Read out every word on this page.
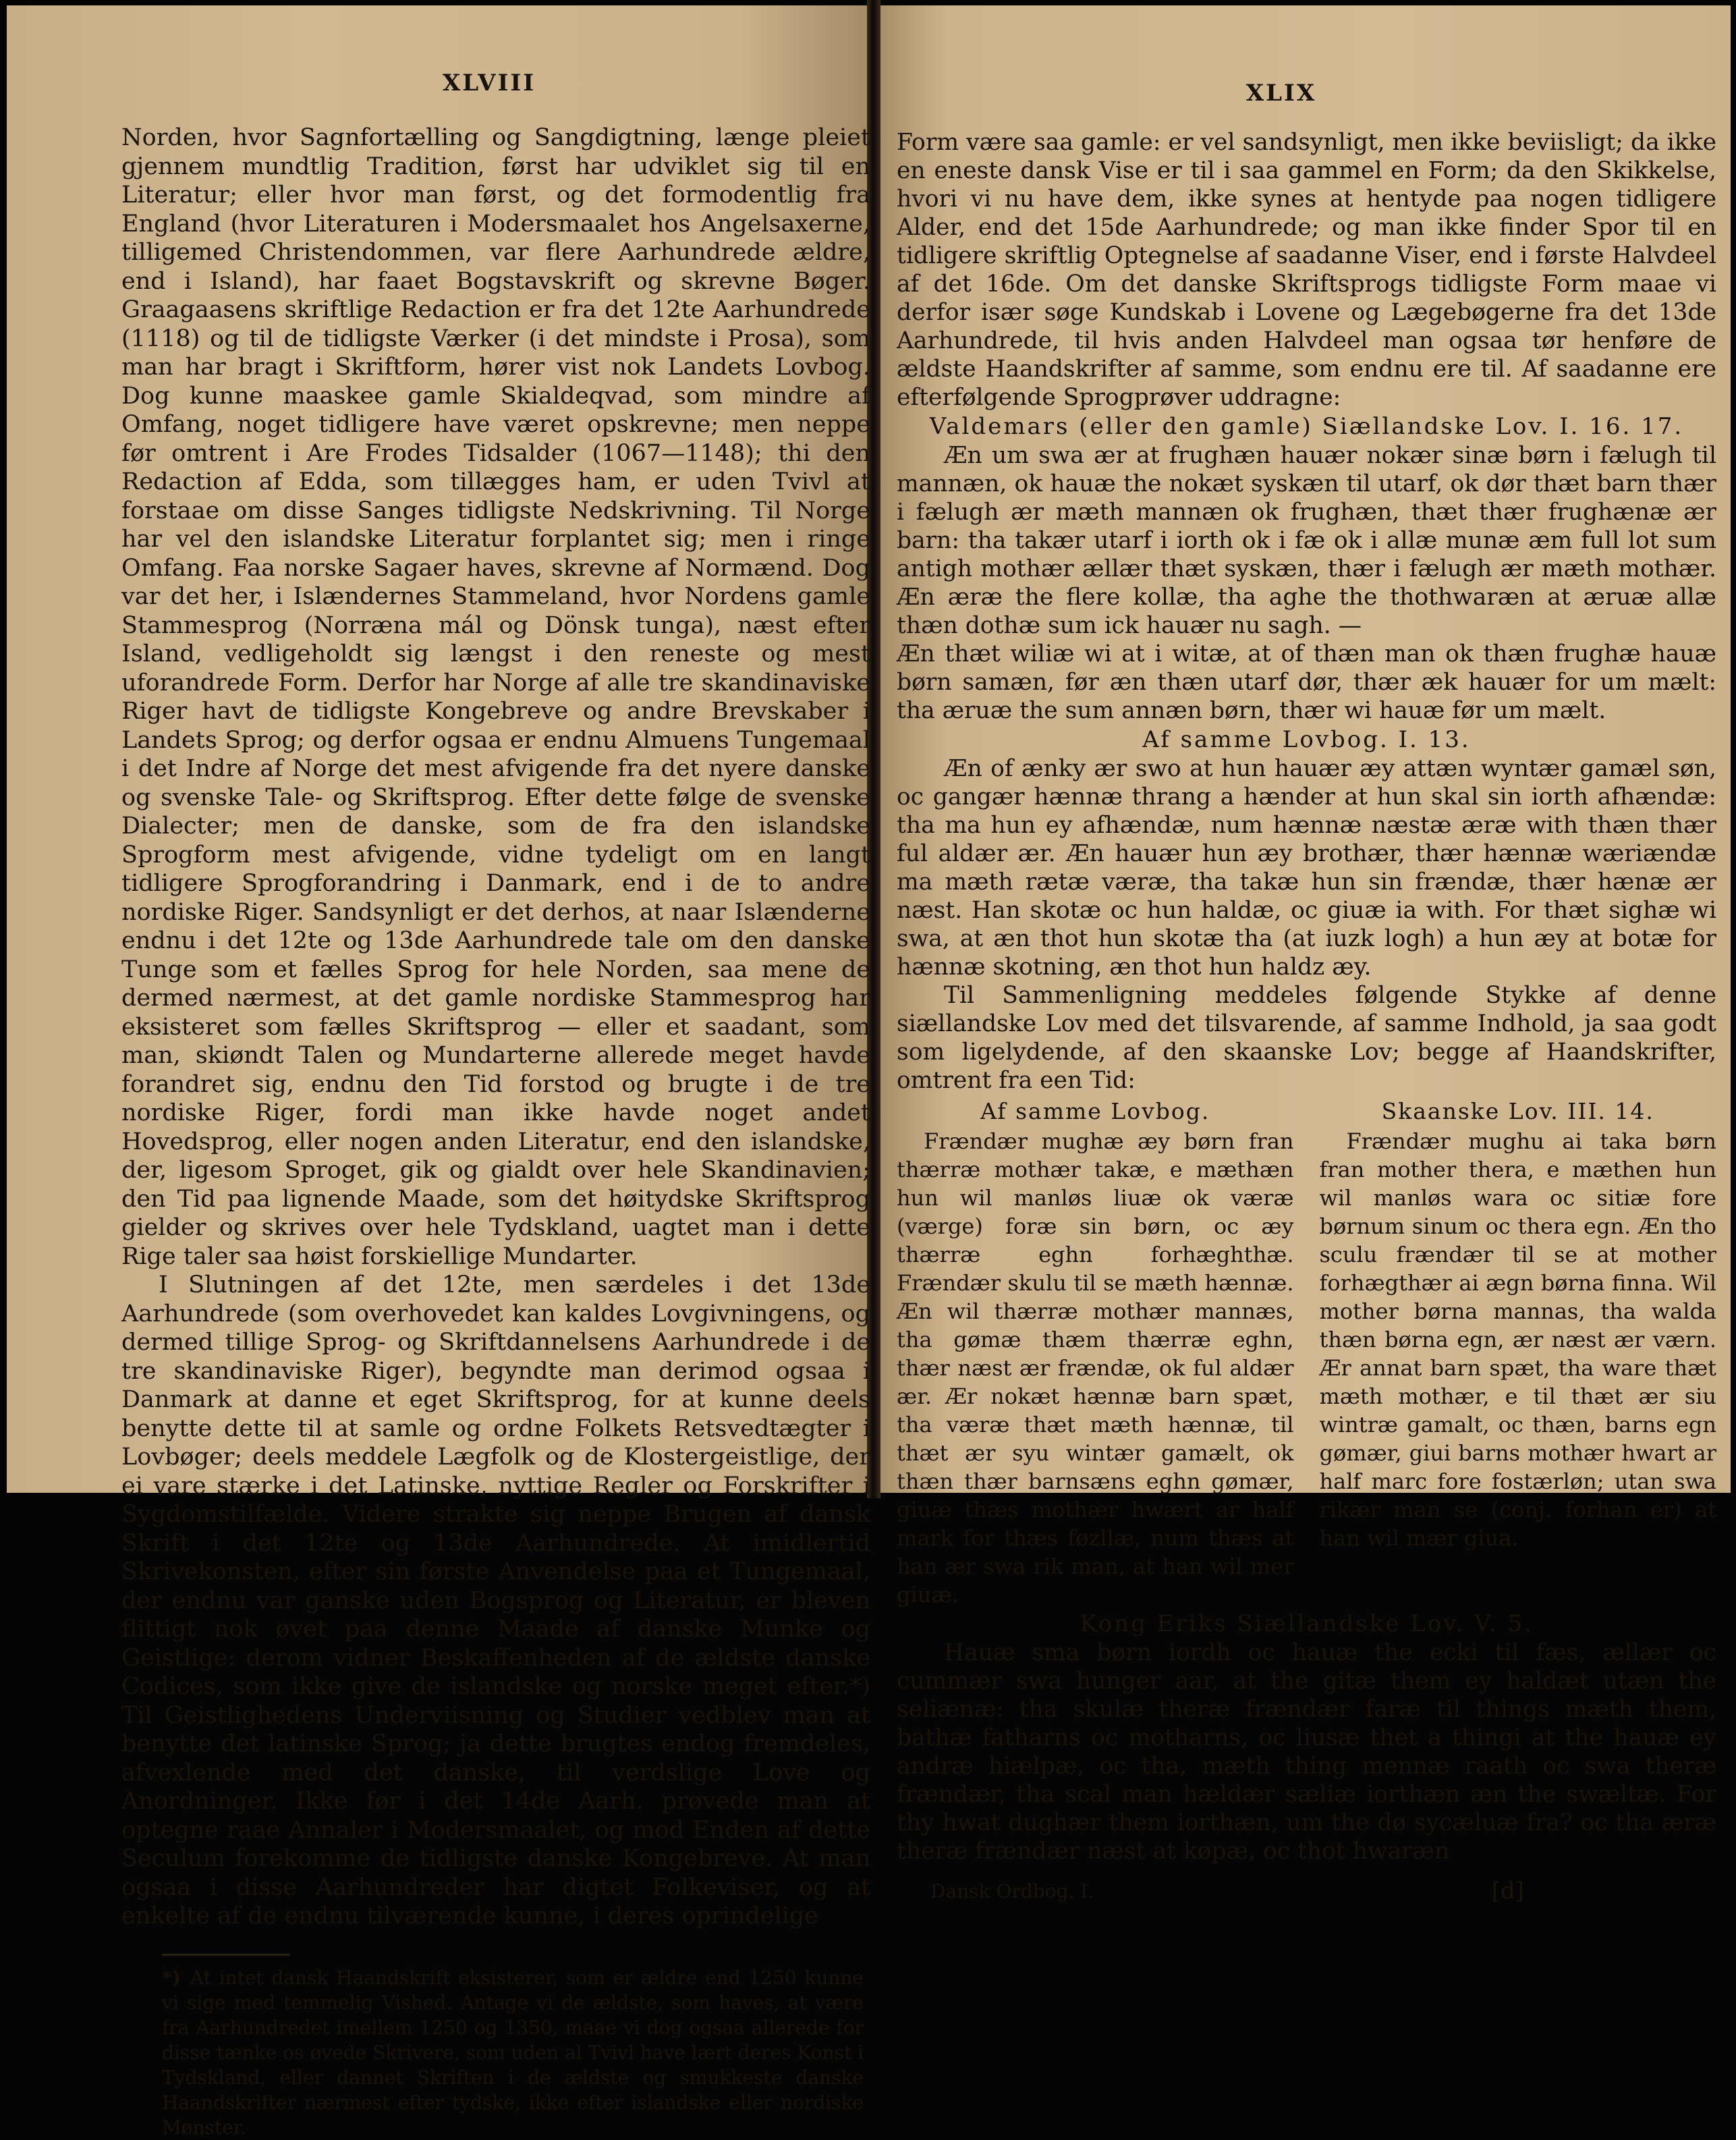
XLVIII

Norden, hvor Sagnfortælling og Sangdigtning, længe pleiet gjennem mundtlig Tradition, først har udviklet sig til en Literatur; eller hvor man først, og det formodentlig fra England (hvor Literaturen i Modersmaalet hos Angelsaxerne, tilligemed Christendommen, var flere Aarhundrede ældre, end i Island), har faaet Bogstavskrift og skrevne Bøger. Graagaasens skriftlige Redaction er fra det 12te Aarhundrede (1118) og til de tidligste Værker (i det mindste i Prosa), som man har bragt i Skriftform, hører vist nok Landets Lovbog. Dog kunne maaskee gamle Skialdeqvad, som mindre af Omfang, noget tidligere have været opskrevne; men neppe før omtrent i Are Frodes Tidsalder (1067—1148); thi den Redaction af Edda, som tillægges ham, er uden Tvivl at forstaae om disse Sanges tidligste Nedskrivning. Til Norge har vel den islandske Literatur forplantet sig; men i ringe Omfang. Faa norske Sagaer haves, skrevne af Normænd. Dog var det her, i Islændernes Stammeland, hvor Nordens gamle Stammesprog (Norræna mál og Dönsk tunga), næst efter Island, vedligeholdt sig længst i den reneste og mest uforandrede Form. Derfor har Norge af alle tre skandinaviske Riger havt de tidligste Kongebreve og andre Brevskaber i Landets Sprog; og derfor ogsaa er endnu Almuens Tungemaal i det Indre af Norge det mest afvigende fra det nyere danske og svenske Tale- og Skriftsprog. Efter dette følge de svenske Dialecter; men de danske, som de fra den islandske Sprogform mest afvigende, vidne tydeligt om en langt tidligere Sprogforandring i Danmark, end i de to andre nordiske Riger. Sandsynligt er det derhos, at naar Islænderne endnu i det 12te og 13de Aarhundrede tale om den danske Tunge som et fælles Sprog for hele Norden, saa mene de dermed nærmest, at det gamle nordiske Stammesprog har eksisteret som fælles Skriftsprog — eller et saadant, som man, skiøndt Talen og Mundarterne allerede meget havde forandret sig, endnu den Tid forstod og brugte i de tre nordiske Riger, fordi man ikke havde noget andet Hovedsprog, eller nogen anden Literatur, end den islandske, der, ligesom Sproget, gik og gialdt over hele Skandinavien; den Tid paa lignende Maade, som det høitydske Skriftsprog gielder og skrives over hele Tydskland, uagtet man i dette Rige taler saa høist forskiellige Mundarter.

I Slutningen af det 12te, men særdeles i det 13de Aarhundrede (som overhovedet kan kaldes Lovgivningens, og dermed tillige Sprog- og Skriftdannelsens Aarhundrede i de tre skandinaviske Riger), begyndte man derimod ogsaa i Danmark at danne et eget Skriftsprog, for at kunne deels benytte dette til at samle og ordne Folkets Retsvedtægter i Lovbøger; deels meddele Lægfolk og de Klostergeistlige, der ei vare stærke i det Latinske, nyttige Regler og Forskrifter i Sygdomstilfælde. Videre strakte sig neppe Brugen af dansk Skrift i det 12te og 13de Aarhundrede. At imidlertid Skrivekonsten, efter sin første Anvendelse paa et Tungemaal, der endnu var ganske uden Bogsprog og Literatur, er bleven flittigt nok øvet paa denne Maade af danske Munke og Geistlige: derom vidner Beskaffenheden af de ældste danske Codices, som ikke give de islandske og norske meget efter.*) Til Geistlighedens Underviisning og Studier vedblev man at benytte det latinske Sprog; ja dette brugtes endog fremdeles, afvexlende med det danske, til verdslige Love og Anordninger. Ikke før i det 14de Aarh. prøvede man at optegne raae Annaler i Modersmaalet, og mod Enden af dette Seculum forekomme de tidligste danske Kongebreve. At man ogsaa i disse Aarhundreder har digtet Folkeviser, og at enkelte af de endnu tilværende kunne, i deres oprindelige

*) At intet dansk Haandskrift eksisterer, som er ældre end 1250 kunne vi sige med temmelig Vished. Antage vi de ældste, som haves, at være fra Aarhundredet imellem 1250 og 1350, maae vi dog ogsaa allerede for disse tænke os øvede Skrivere, som uden al Tvivl have lært deres Konst i Tydskland, eller dannet Skriften i de ældste og smukkeste danske Haandskrifter nærmest efter tydske, ikke efter islandske eller nordiske Mønster.
XLIX

Form være saa gamle: er vel sandsynligt, men ikke beviisligt; da ikke en eneste dansk Vise er til i saa gammel en Form; da den Skikkelse, hvori vi nu have dem, ikke synes at hentyde paa nogen tidligere Alder, end det 15de Aarhundrede; og man ikke finder Spor til en tidligere skriftlig Optegnelse af saadanne Viser, end i første Halvdeel af det 16de. Om det danske Skriftsprogs tidligste Form maae vi derfor især søge Kundskab i Lovene og Lægebøgerne fra det 13de Aarhundrede, til hvis anden Halvdeel man ogsaa tør henføre de ældste Haandskrifter af samme, som endnu ere til. Af saadanne ere efterfølgende Sprogprøver uddragne:

Valdemars (eller den gamle) Siællandske Lov. I. 16. 17.

Æn um swa ær at frughæn hauær nokær sinæ børn i fælugh til mannæn, ok hauæ the nokæt syskæn til utarf, ok dør thæt barn thær i fælugh ær mæth mannæn ok frughæn, thæt thær frughænæ ær barn: tha takær utarf i iorth ok i fæ ok i allæ munæ æm full lot sum antigh mothær ællær thæt syskæn, thær i fælugh ær mæth mothær. Æn æræ the flere kollæ, tha aghe the thothwaræn at æruæ allæ thæn dothæ sum ick hauær nu sagh. —

Æn thæt wiliæ wi at i witæ, at of thæn man ok thæn frughæ hauæ børn samæn, før æn thæn utarf dør, thær æk hauær for um mælt: tha æruæ the sum annæn børn, thær wi hauæ før um mælt.

Af samme Lovbog. I. 13.

Æn of ænky ær swo at hun hauær æy attæn wyntær gamæl søn, oc gangær hænnæ thrang a hænder at hun skal sin iorth afhændæ: tha ma hun ey afhændæ, num hænnæ næstæ æræ with thæn thær ful aldær ær. Æn hauær hun æy brothær, thær hænnæ wæriændæ ma mæth rætæ væræ, tha takæ hun sin frændæ, thær hænæ ær næst. Han skotæ oc hun haldæ, oc giuæ ia with. For thæt sighæ wi swa, at æn thot hun skotæ tha (at iuzk logh) a hun æy at botæ for hænnæ skotning, æn thot hun haldz æy.

Til Sammenligning meddeles følgende Stykke af denne siællandske Lov med det tilsvarende, af samme Indhold, ja saa godt som ligelydende, af den skaanske Lov; begge af Haandskrifter, omtrent fra een Tid:

Af samme Lovbog.

Frændær mughæ æy børn fran thærræ mothær takæ, e mæthæn hun wil manløs liuæ ok væræ (værge) foræ sin børn, oc æy thærræ eghn forhæghthæ. Frændær skulu til se mæth hænnæ. Æn wil thærræ mothær mannæs, tha gømæ thæm thærræ eghn, thær næst ær frændæ, ok ful aldær ær. Ær nokæt hænnæ barn spæt, tha væræ thæt mæth hænnæ, til thæt ær syu wintær gamælt, ok thæn thær barnsæns eghn gømær, giuæ thæs mothær hwært ar half mark for thæs føzllæ, num thæs at han ær swa rik man, at han wil mer giuæ.

Skaanske Lov. III. 14.

Frændær mughu ai taka børn fran mother thera, e mæthen hun wil manløs wara oc sitiæ fore børnum sinum oc thera egn. Æn tho sculu frændær til se at mother forhægthær ai ægn børna finna. Wil mother børna mannas, tha walda thæn børna egn, ær næst ær værn. Ær annat barn spæt, tha ware thæt mæth mothær, e til thæt ær siu wintræ gamalt, oc thæn, barns egn gømær, giui barns mothær hwart ar half marc fore fostærløn; utan swa rikær man se (conj. forhan er) at han wil mær giua.

Kong Eriks Siællandske Lov. V. 5.

Hauæ sma børn iordh oc hauæ the ecki til fæs, ællær oc cummær swa hunger aar, at the gitæ them ey haldæt utæn the seliænæ: tha skulæ theræ frændær faræ til things mæth them, bathæ fatharns oc motharns, oc liusæ thet a thingi at the hauæ ey andræ hiælpæ, oc tha, mæth thing mennæ raath oc swa theræ frændær, tha scal man hældær sæliæ iorthæn æn the swæltæ. For thy hwat dughær them iorthæn, um the dø sycæluæ fra? oc tha æræ theræ frændær næst at køpæ, oc thot hwaræn

Dansk Ordbog. I.	[d]
